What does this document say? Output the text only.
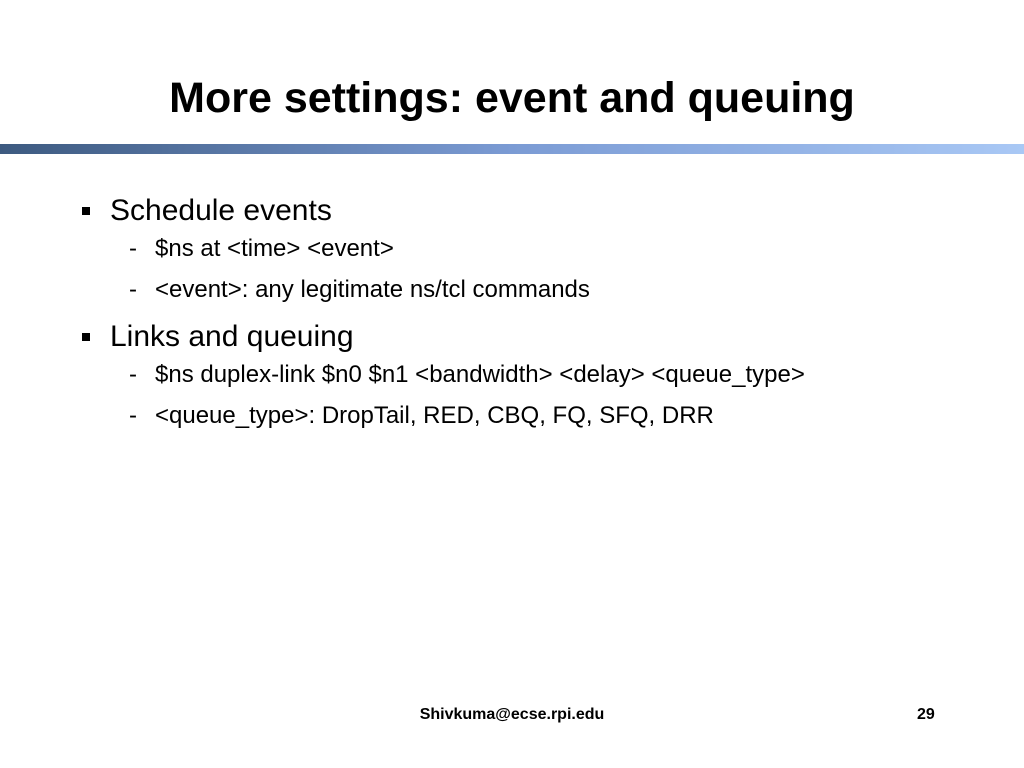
More settings: event and queuing
Schedule events
- $ns at <time> <event>
- <event>: any legitimate ns/tcl commands
Links and queuing
- $ns duplex-link $n0 $n1 <bandwidth> <delay> <queue_type>
- <queue_type>: DropTail, RED, CBQ, FQ, SFQ, DRR
Shivkuma@ecse.rpi.edu	29
